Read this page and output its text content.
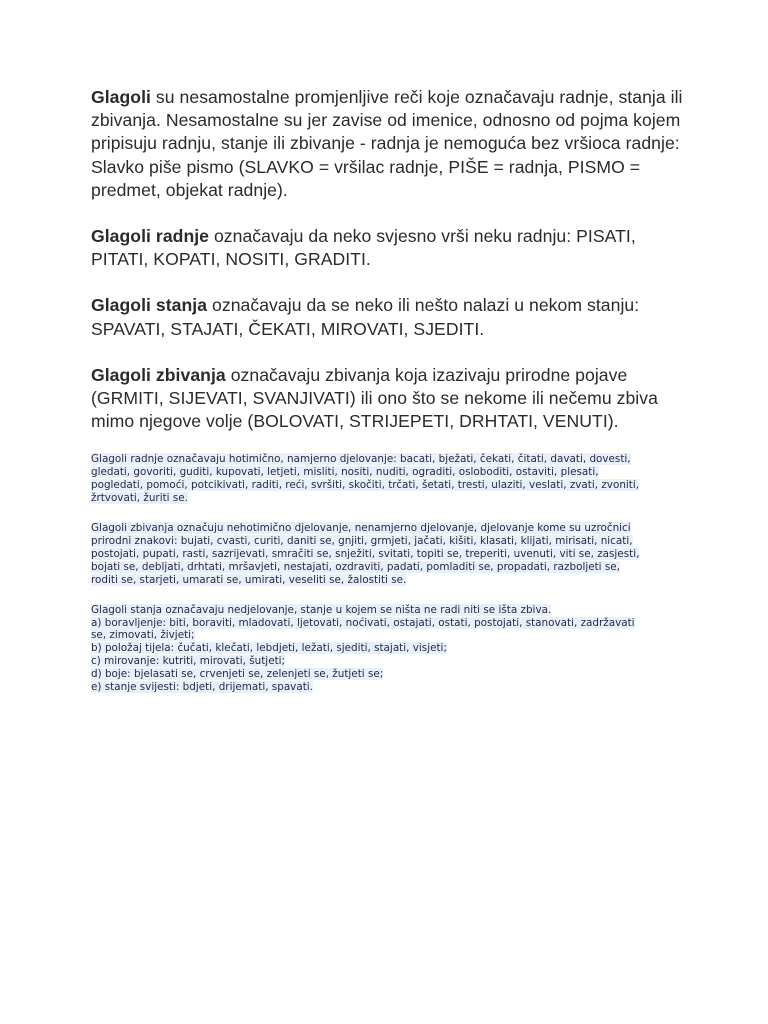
Glagoli su nesamostalne promjenljive reči koje označavaju radnje, stanja ili zbivanja. Nesamostalne su jer zavise od imenice, odnosno od pojma kojem pripisuju radnju, stanje ili zbivanje - radnja je nemoguća bez vršioca radnje: Slavko piše pismo (SLAVKO = vršilac radnje, PIŠE = radnja, PISMO = predmet, objekat radnje).

Glagoli radnje označavaju da neko svjesno vrši neku radnju: PISATI, PITATI, KOPATI, NOSITI, GRADITI.

Glagoli stanja označavaju da se neko ili nešto nalazi u nekom stanju: SPAVATI, STAJATI, ČEKATI, MIROVATI, SJEDITI.

Glagoli zbivanja označavaju zbivanja koja izazivaju prirodne pojave (GRMITI, SIJEVATI, SVANJIVATI) ili ono što se nekome ili nečemu zbiva mimo njegove volje (BOLOVATI, STRIJEPETI, DRHTATI, VENUTI).

Glagoli radnje označavaju hotimično, namjerno djelovanje: bacati, bježati, čekati, čitati, davati, dovesti,
gledati, govoriti, guditi, kupovati, letjeti, misliti, nositi, nuditi, ograditi, osloboditi, ostaviti, plesati,
pogledati, pomoći, potcikivati, raditi, reći, svršiti, skočiti, trčati, šetati, tresti, ulaziti, veslati, zvati, zvoniti,
žrtvovati, žuriti se.
Glagoli zbivanja označuju nehotimično djelovanje, nenamjerno djelovanje, djelovanje kome su uzročnici
prirodni znakovi: bujati, cvasti, curiti, daniti se, gnjiti, grmjeti, jačati, kišiti, klasati, klijati, mirisati, nicati,
postojati, pupati, rasti, sazrijevati, smračiti se, snježiti, svitati, topiti se, treperiti, uvenuti, viti se, zasjesti,
bojati se, debljati, drhtati, mršavjeti, nestajati, ozdraviti, padati, pomladiti se, propadati, razboljeti se,
roditi se, starjeti, umarati se, umirati, veseliti se, žalostiti se.
Glagoli stanja označavaju nedjelovanje, stanje u kojem se ništa ne radi niti se išta zbiva.
a) boravljenje: biti, boraviti, mladovati, ljetovati, noćivati, ostajati, ostati, postojati, stanovati, zadržavati
se, zimovati, živjeti;
b) položaj tijela: čučati, klečati, lebdjeti, ležati, sjediti, stajati, visjeti;
c) mirovanje: kutriti, mirovati, šutjeti;
d) boje: bjelasati se, crvenjeti se, zelenjeti se, žutjeti se;
e) stanje svijesti: bdjeti, drijemati, spavati.
